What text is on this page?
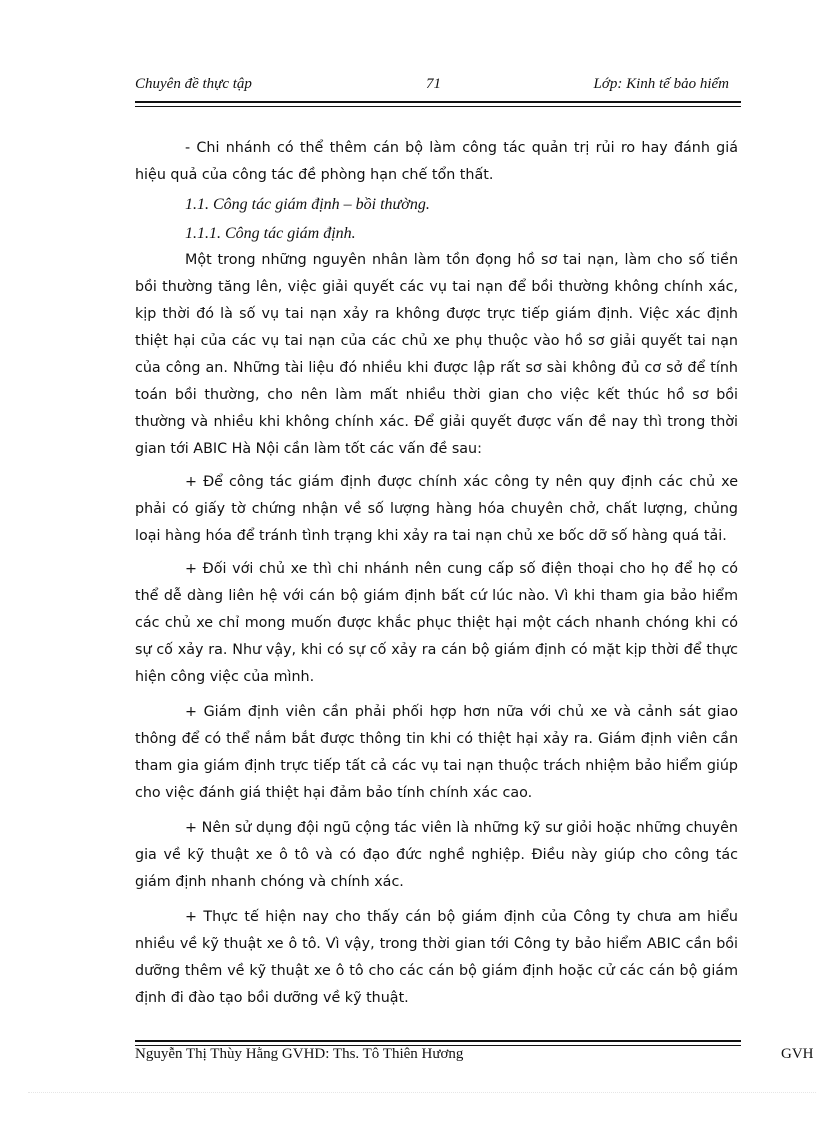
Chuyên đề thực tập	71	Lớp: Kinh tế bảo hiểm

- Chi nhánh có thể thêm cán bộ làm công tác quản trị rủi ro hay đánh giá hiệu quả của công tác đề phòng hạn chế tổn thất.

1.1. Công tác giám định – bồi thường.

1.1.1. Công tác giám định.

Một trong những nguyên nhân làm tồn đọng hồ sơ tai nạn, làm cho số tiền bồi thường tăng lên, việc giải quyết các vụ tai nạn để bồi thường không chính xác, kịp thời đó là số vụ tai nạn xảy ra không được trực tiếp giám định. Việc xác định thiệt hại của các vụ tai nạn của các chủ xe phụ thuộc vào hồ sơ giải quyết tai nạn của công an. Những tài liệu đó nhiều khi được lập rất sơ sài không đủ cơ sở để tính toán bồi thường, cho nên làm mất nhiều thời gian cho việc kết thúc hồ sơ bồi thường và nhiều khi không chính xác. Để giải quyết được vấn đề nay thì trong thời gian tới ABIC Hà Nội cần làm tốt các vấn đề sau:

+ Để công tác giám định được chính xác công ty nên quy định các chủ xe phải có giấy tờ chứng nhận về số lượng hàng hóa chuyên chở, chất lượng, chủng loại hàng hóa để tránh tình trạng khi xảy ra tai nạn chủ xe bốc dỡ số hàng quá tải.

+ Đối với chủ xe thì chi nhánh nên cung cấp số điện thoại cho họ để họ có thể dễ dàng liên hệ với cán bộ giám định bất cứ lúc nào. Vì khi tham gia bảo hiểm các chủ xe chỉ mong muốn được khắc phục thiệt hại một cách nhanh chóng khi có sự cố xảy ra. Như vậy, khi có sự cố xảy ra cán bộ giám định có mặt kịp thời để thực hiện công việc của mình.

+ Giám định viên cần phải phối hợp hơn nữa với chủ xe và cảnh sát giao thông để có thể nắm bắt được thông tin khi có thiệt hại xảy ra. Giám định viên cần tham gia giám định trực tiếp tất cả các vụ tai nạn thuộc trách nhiệm bảo hiểm giúp cho việc đánh giá thiệt hại đảm bảo tính chính xác cao.

+ Nên sử dụng đội ngũ cộng tác viên là những kỹ sư giỏi hoặc những chuyên gia về kỹ thuật xe ô tô và có đạo đức nghề nghiệp. Điều này giúp cho công tác giám định nhanh chóng và chính xác.

+ Thực tế hiện nay cho thấy cán bộ giám định của Công ty chưa am hiểu nhiều về kỹ thuật xe ô tô. Vì vậy, trong thời gian tới Công ty bảo hiểm ABIC cần bồi dưỡng thêm về kỹ thuật xe ô tô cho các cán bộ giám định hoặc cử các cán bộ giám định đi đào tạo bồi dưỡng về kỹ thuật.

Nguyễn Thị Thùy Hằng GVHD: Ths. Tô Thiên Hương	GVH
